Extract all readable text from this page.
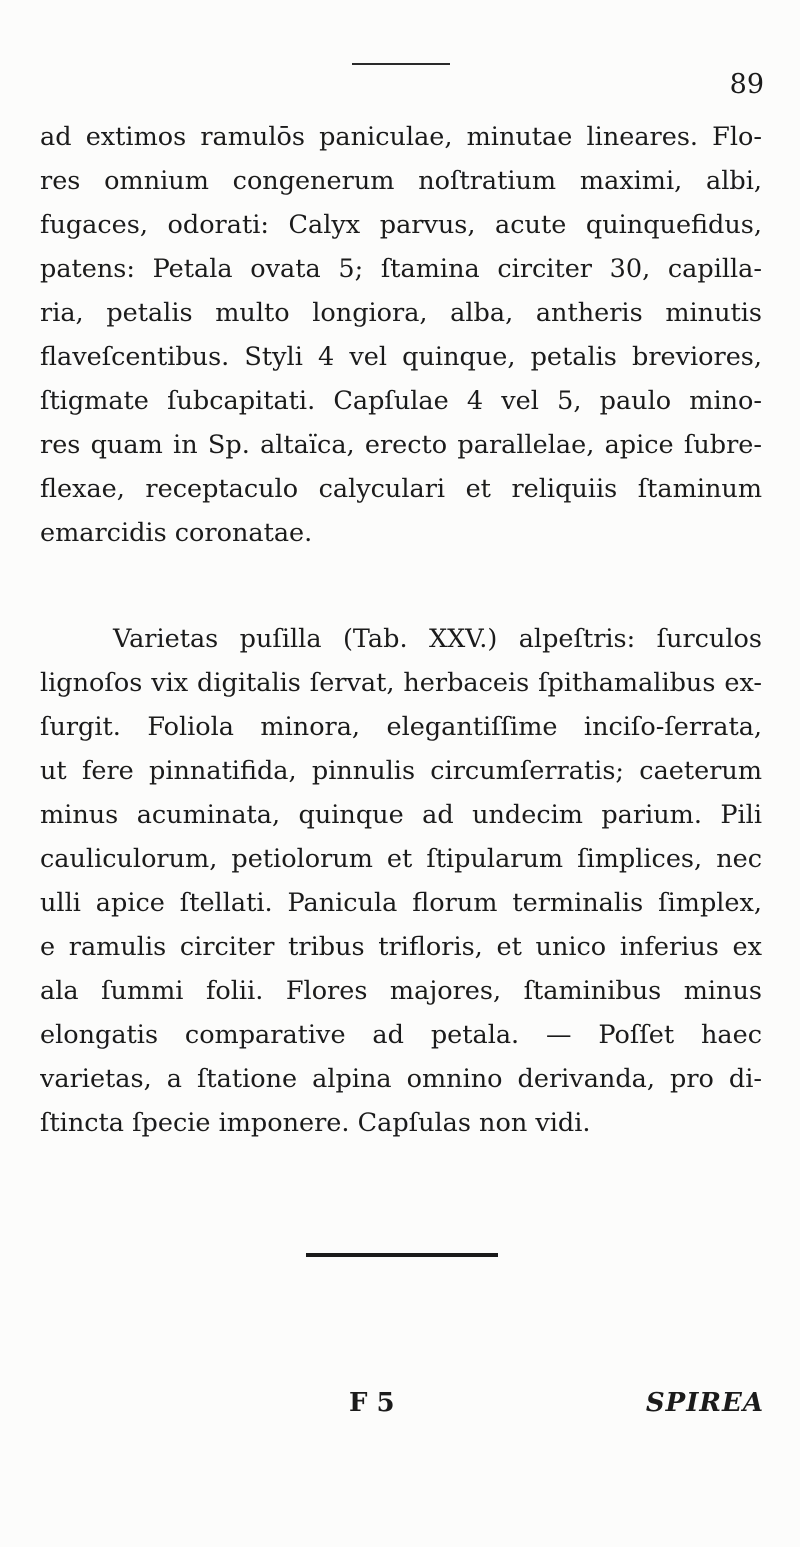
89
ad extimos ramulōs paniculae, minutae lineares. Flo-
res omnium congenerum noſtratium maximi, albi,
fugaces, odorati: Calyx parvus, acute quinquefidus,
patens: Petala ovata 5; ſtamina circiter 30, capilla-
ria, petalis multo longiora, alba, antheris minutis
flaveſcentibus. Styli 4 vel quinque, petalis breviores,
ſtigmate ſubcapitati. Capſulae 4 vel 5, paulo mino-
res quam in Sp. altaïca, erecto parallelae, apice ſubre-
flexae, receptaculo calyculari et reliquiis ſtaminum
emarcidis coronatae.
Varietas puſilla (Tab. XXV.) alpeſtris: ſurculos
lignoſos vix digitalis ſervat, herbaceis ſpithamalibus ex-
ſurgit. Foliola minora, elegantiſſime inciſo-ſerrata,
ut fere pinnatifida, pinnulis circumſerratis; caeterum
minus acuminata, quinque ad undecim parium. Pili
cauliculorum, petiolorum et ſtipularum ſimplices, nec
ulli apice ſtellati. Panicula florum terminalis ſimplex,
e ramulis circiter tribus trifloris, et unico inferius ex
ala ſummi folii. Flores majores, ſtaminibus minus
elongatis comparative ad petala. — Poſſet haec
varietas, a ſtatione alpina omnino derivanda, pro di-
ſtincta ſpecie imponere. Capſulas non vidi.
F 5	SPIREA
